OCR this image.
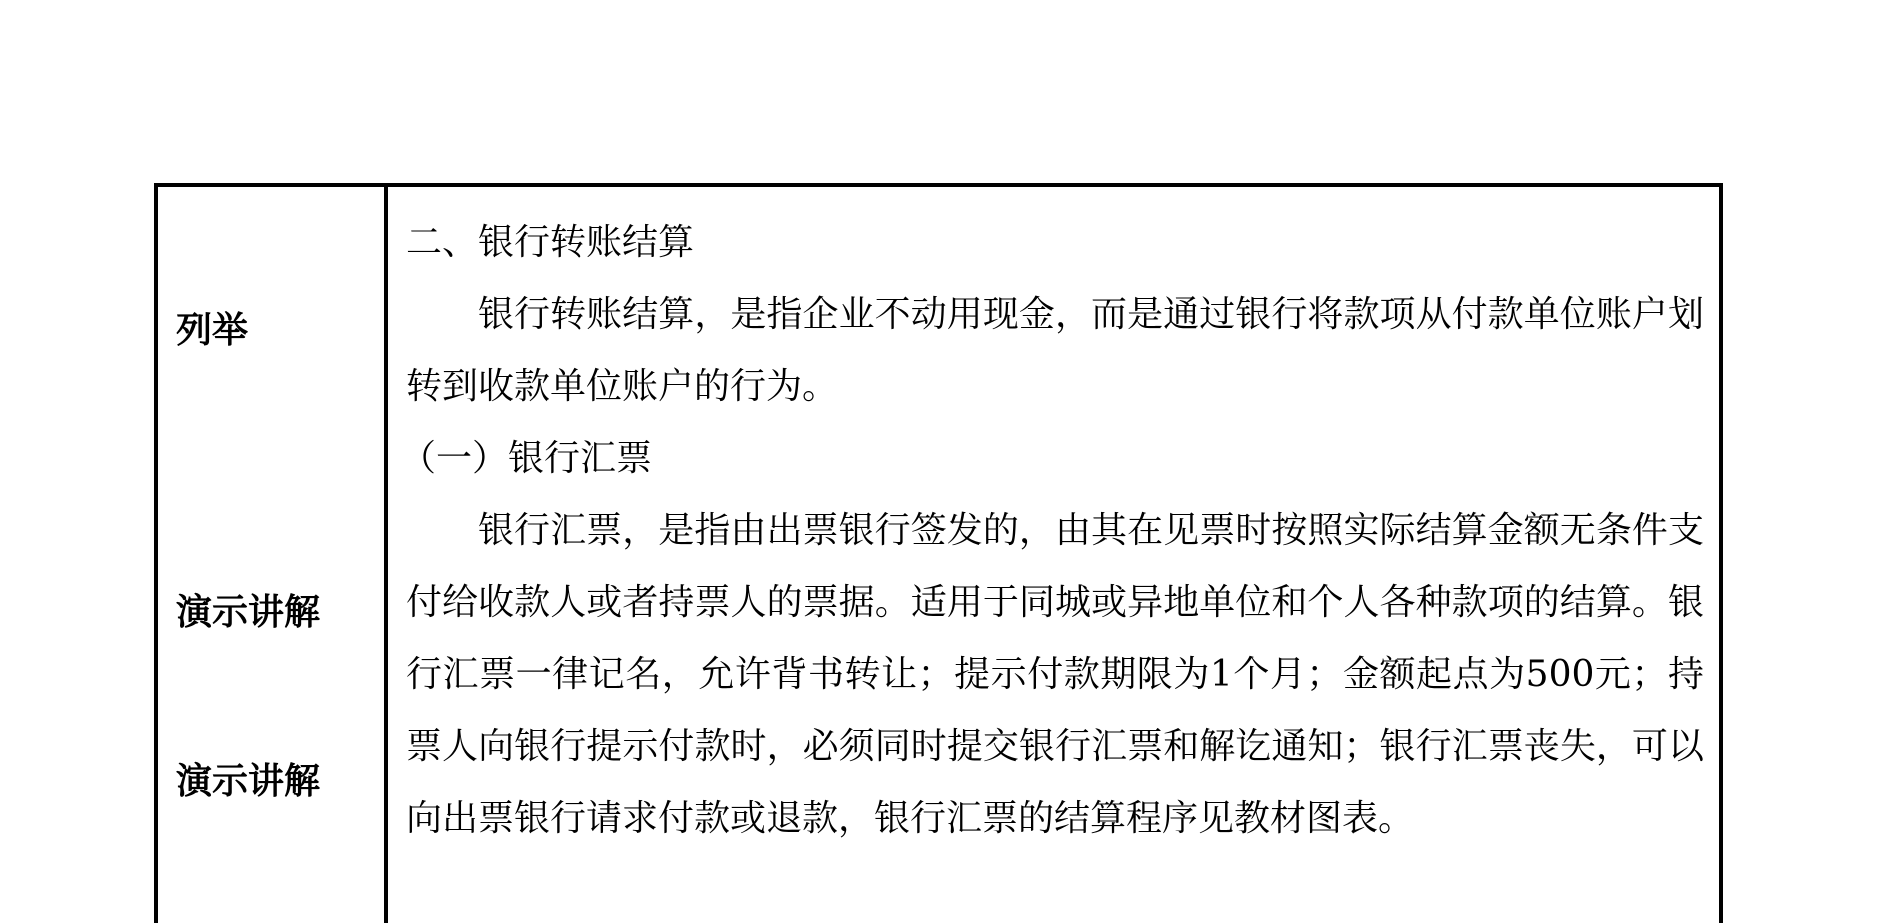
列举
演示讲解
演示讲解

二、银行转账结算

银行转账结算，是指企业不动用现金，而是通过银行将款项从付款单位账户划转到收款单位账户的行为。

（一）银行汇票

银行汇票，是指由出票银行签发的，由其在见票时按照实际结算金额无条件支付给收款人或者持票人的票据。适用于同城或异地单位和个人各种款项的结算。银行汇票一律记名，允许背书转让；提示付款期限为1个月；金额起点为500元；持票人向银行提示付款时，必须同时提交银行汇票和解讫通知；银行汇票丧失，可以向出票银行请求付款或退款，银行汇票的结算程序见教材图表。
